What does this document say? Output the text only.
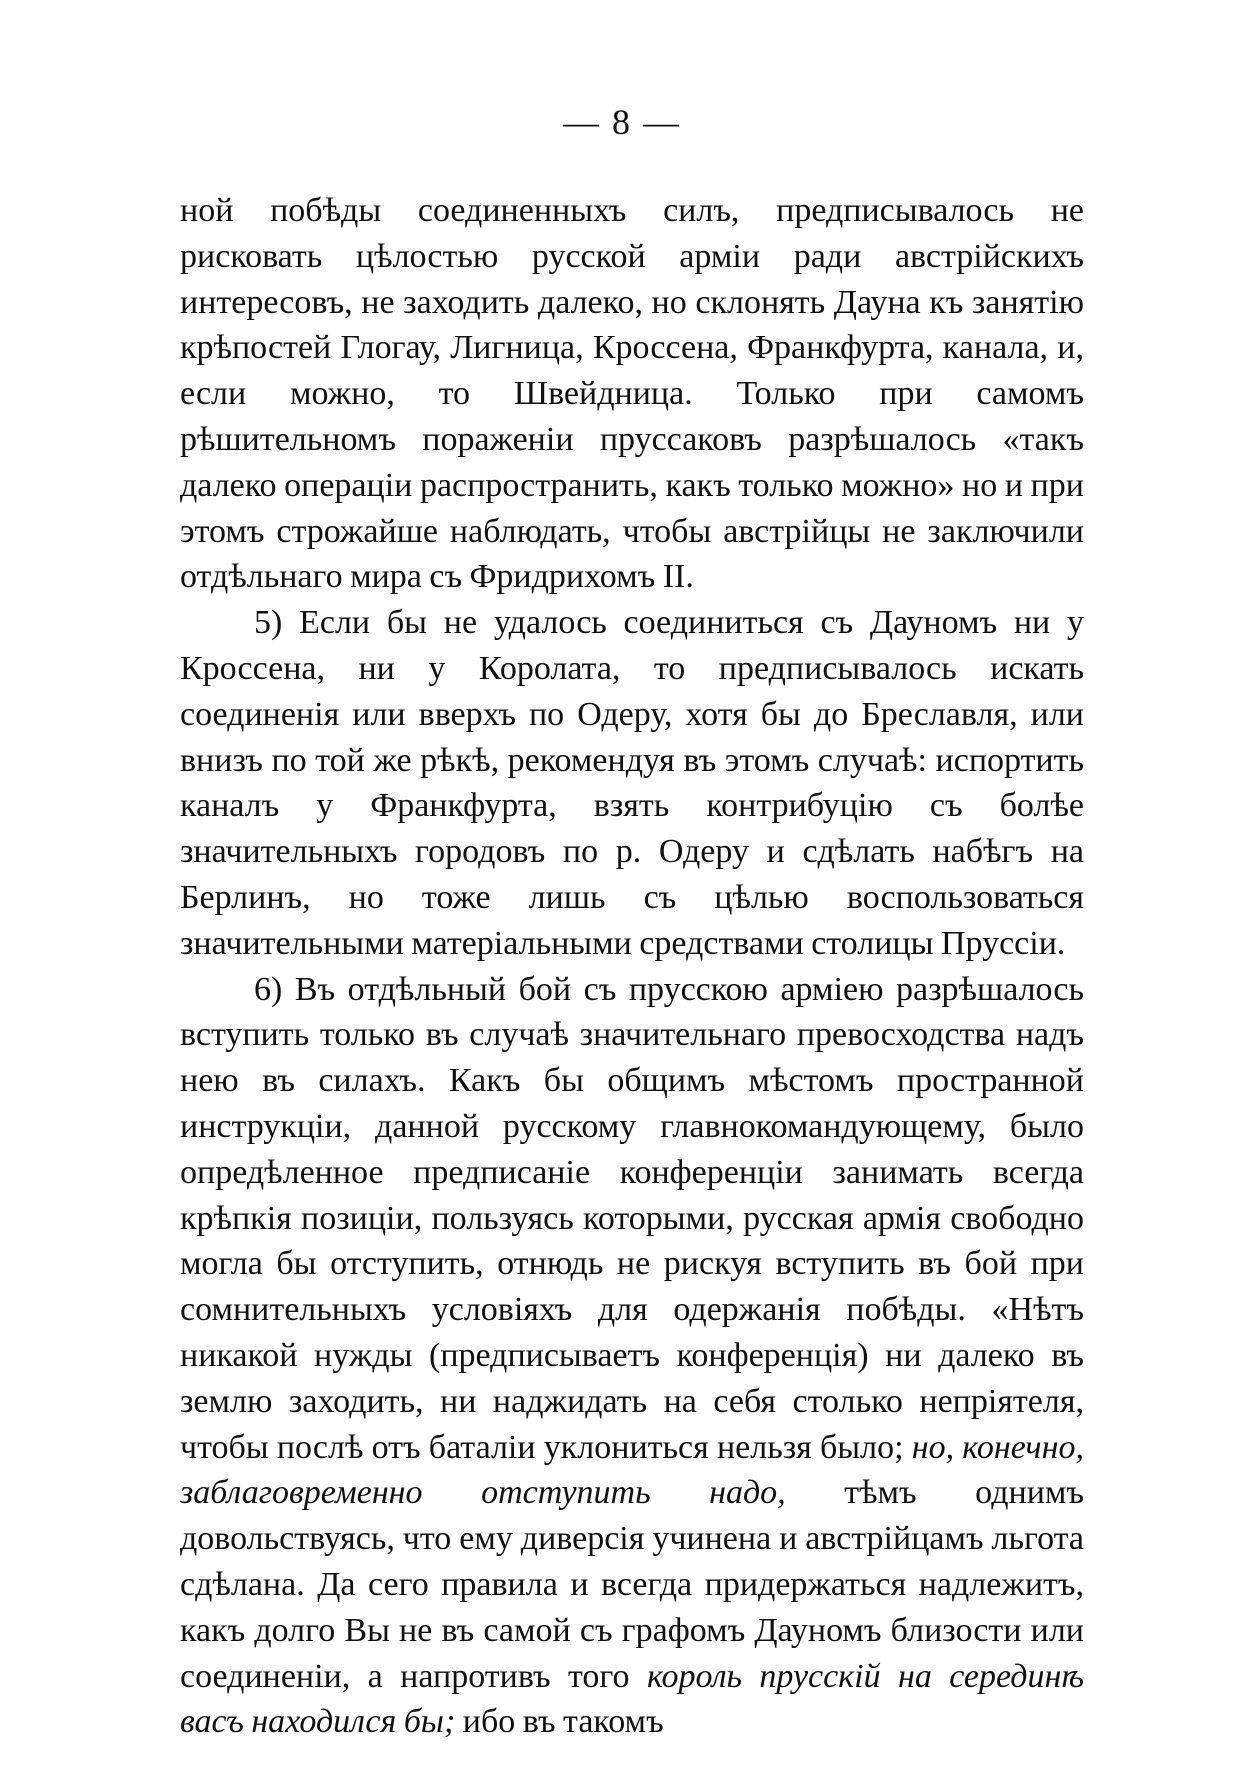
— 8 —

ной побѣды соединенныхъ силъ, предписывалось не рисковать цѣлостью русской арміи ради австрійскихъ интересовъ, не заходить далеко, но склонять Дауна къ занятію крѣпостей Глогау, Лигница, Кроссена, Франкфурта, канала, и, если можно, то Швейдница. Только при самомъ рѣшительномъ пораженіи пруссаковъ разрѣшалось «такъ далеко операціи распространить, какъ только можно» но и при этомъ строжайше наблюдать, чтобы австрійцы не заключили отдѣльнаго мира съ Фридрихомъ II.

5) Если бы не удалось соединиться съ Дауномъ ни у Кроссена, ни у Королата, то предписывалось искать соединенія или вверхъ по Одеру, хотя бы до Бреславля, или внизъ по той же рѣкѣ, рекомендуя въ этомъ случаѣ: испортить каналъ у Франкфурта, взять контрибуцію съ болѣе значительныхъ городовъ по р. Одеру и сдѣлать набѣгъ на Берлинъ, но тоже лишь съ цѣлью воспользоваться значительными матеріальными средствами столицы Пруссіи.

6) Въ отдѣльный бой съ прусскою арміею разрѣшалось вступить только въ случаѣ значительнаго превосходства надъ нею въ силахъ. Какъ бы общимъ мѣстомъ пространной инструкціи, данной русскому главнокомандующему, было опредѣленное предписаніе конференціи занимать всегда крѣпкія позиціи, пользуясь которыми, русская армія свободно могла бы отступить, отнюдь не рискуя вступить въ бой при сомнительныхъ условіяхъ для одержанія побѣды. «Нѣтъ никакой нужды (предписываетъ конференція) ни далеко въ землю заходить, ни наджидать на себя столько непріятеля, чтобы послѣ отъ баталіи уклониться нельзя было; но, конечно, заблаговременно отступить надо, тѣмъ однимъ довольствуясь, что ему диверсія учинена и австрійцамъ льгота сдѣлана. Да сего правила и всегда придержаться надлежитъ, какъ долго Вы не въ самой съ графомъ Дауномъ близости или соединеніи, а напротивъ того король прусскій на серединѣ васъ находился бы; ибо въ такомъ
